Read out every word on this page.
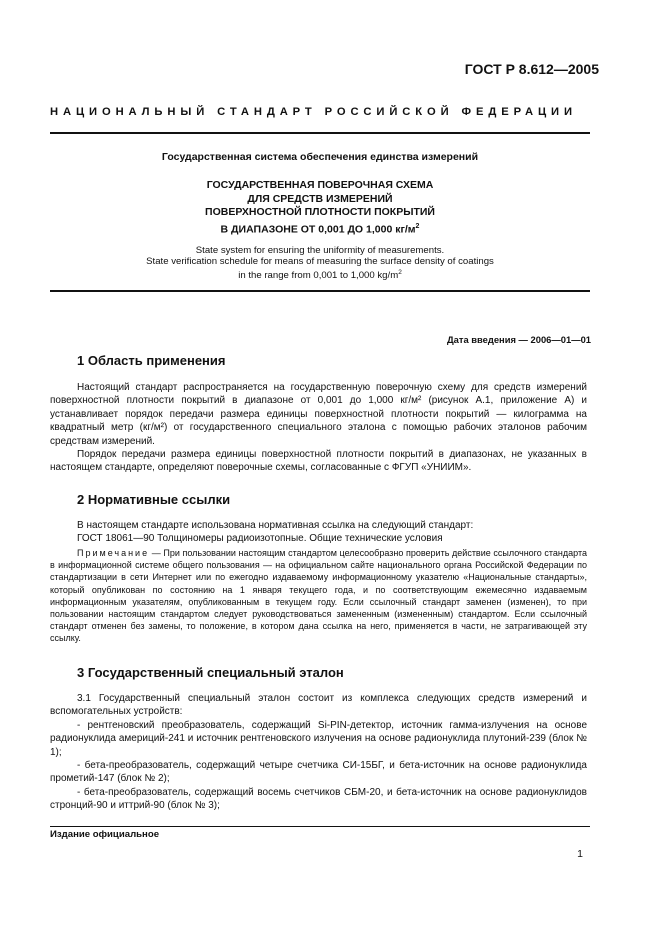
ГОСТ Р 8.612—2005
НАЦИОНАЛЬНЫЙ СТАНДАРТ РОССИЙСКОЙ ФЕДЕРАЦИИ
Государственная система обеспечения единства измерений
ГОСУДАРСТВЕННАЯ ПОВЕРОЧНАЯ СХЕМА
ДЛЯ СРЕДСТВ ИЗМЕРЕНИЙ
ПОВЕРХНОСТНОЙ ПЛОТНОСТИ ПОКРЫТИЙ
В ДИАПАЗОНЕ ОТ 0,001 ДО 1,000 $кг/м^2$
State system for ensuring the uniformity of measurements.
State verification schedule for means of measuring the surface density of coatings
in the range from 0,001 to 1,000 $kg/m^2$
Дата введения — 2006—01—01
1 Область применения

Настоящий стандарт распространяется на государственную поверочную схему для средств измерений поверхностной плотности покрытий в диапазоне от 0,001 до 1,000 кг/м² (рисунок А.1, приложение А) и устанавливает порядок передачи размера единицы поверхностной плотности покрытий — килограмма на квадратный метр (кг/м²) от государственного специального эталона с помощью рабочих эталонов рабочим средствам измерений.

Порядок передачи размера единицы поверхностной плотности покрытий в диапазонах, не указанных в настоящем стандарте, определяют поверочные схемы, согласованные с ФГУП «УНИИМ».

2 Нормативные ссылки

В настоящем стандарте использована нормативная ссылка на следующий стандарт:

ГОСТ 18061—90 Толщиномеры радиоизотопные. Общие технические условия

Примечание — При пользовании настоящим стандартом целесообразно проверить действие ссылочного стандарта в информационной системе общего пользования — на официальном сайте национального органа Российской Федерации по стандартизации в сети Интернет или по ежегодно издаваемому информационному указателю «Национальные стандарты», который опубликован по состоянию на 1 января текущего года, и по соответствующим ежемесячно издаваемым информационным указателям, опубликованным в текущем году. Если ссылочный стандарт заменен (изменен), то при пользовании настоящим стандартом следует руководствоваться замененным (измененным) стандартом. Если ссылочный стандарт отменен без замены, то положение, в котором дана ссылка на него, применяется в части, не затрагивающей эту ссылку.

3 Государственный специальный эталон

3.1 Государственный специальный эталон состоит из комплекса следующих средств измерений и вспомогательных устройств:

- рентгеновский преобразователь, содержащий Si-PIN-детектор, источник гамма-излучения на основе радионуклида америций-241 и источник рентгеновского излучения на основе радионуклида плутоний-239 (блок № 1);

- бета-преобразователь, содержащий четыре счетчика СИ-15БГ, и бета-источник на основе радионуклида прометий-147 (блок № 2);

- бета-преобразователь, содержащий восемь счетчиков СБМ-20, и бета-источник на основе радионуклидов стронций-90 и иттрий-90 (блок № 3);

Издание официальное
1
